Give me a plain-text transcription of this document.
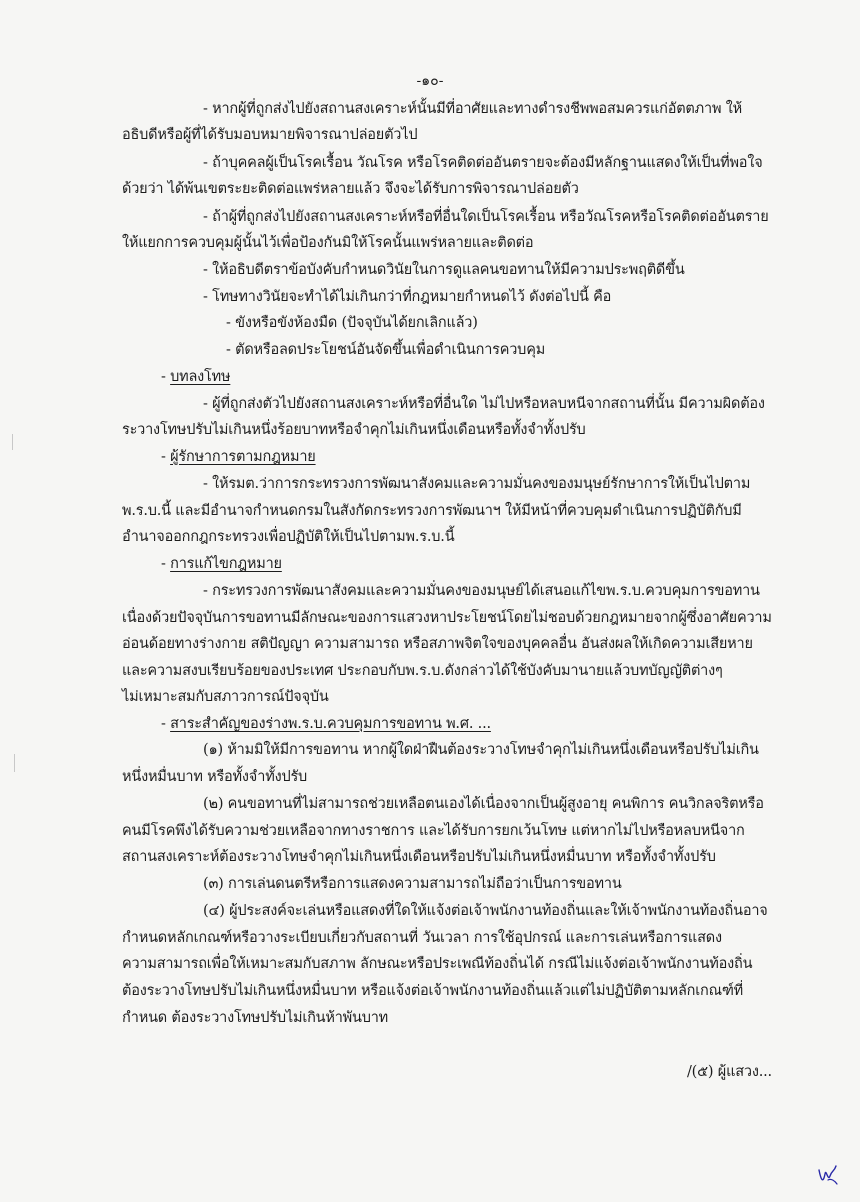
-๑๐-
- หากผู้ที่ถูกส่งไปยังสถานสงเคราะห์นั้นมีที่อาศัยและทางดำรงชีพพอสมควรแก่อัตตภาพ ให้
อธิบดีหรือผู้ที่ได้รับมอบหมายพิจารณาปล่อยตัวไป
- ถ้าบุคคลผู้เป็นโรคเรื้อน วัณโรค หรือโรคติดต่ออันตรายจะต้องมีหลักฐานแสดงให้เป็นที่พอใจ
ด้วยว่า ได้พ้นเขตระยะติดต่อแพร่หลายแล้ว จึงจะได้รับการพิจารณาปล่อยตัว
- ถ้าผู้ที่ถูกส่งไปยังสถานสงเคราะห์หรือที่อื่นใดเป็นโรคเรื้อน หรือวัณโรคหรือโรคติดต่ออันตราย
ให้แยกการควบคุมผู้นั้นไว้เพื่อป้องกันมิให้โรคนั้นแพร่หลายและติดต่อ
- ให้อธิบดีตราข้อบังคับกำหนดวินัยในการดูแลคนขอทานให้มีความประพฤติดีขึ้น
- โทษทางวินัยจะทำได้ไม่เกินกว่าที่กฎหมายกำหนดไว้ ดังต่อไปนี้ คือ
- ขังหรือขังห้องมืด (ปัจจุบันได้ยกเลิกแล้ว)
- ตัดหรือลดประโยชน์อันจัดขึ้นเพื่อดำเนินการควบคุม
- บทลงโทษ
- ผู้ที่ถูกส่งตัวไปยังสถานสงเคราะห์หรือที่อื่นใด ไม่ไปหรือหลบหนีจากสถานที่นั้น มีความผิดต้อง
ระวางโทษปรับไม่เกินหนึ่งร้อยบาทหรือจำคุกไม่เกินหนึ่งเดือนหรือทั้งจำทั้งปรับ
- ผู้รักษาการตามกฎหมาย
- ให้รมต.ว่าการกระทรวงการพัฒนาสังคมและความมั่นคงของมนุษย์รักษาการให้เป็นไปตาม
พ.ร.บ.นี้ และมีอำนาจกำหนดกรมในสังกัดกระทรวงการพัฒนาฯ ให้มีหน้าที่ควบคุมดำเนินการปฏิบัติกับมี
อำนาจออกกฎกระทรวงเพื่อปฏิบัติให้เป็นไปตามพ.ร.บ.นี้
- การแก้ไขกฎหมาย
- กระทรวงการพัฒนาสังคมและความมั่นคงของมนุษย์ได้เสนอแก้ไขพ.ร.บ.ควบคุมการขอทาน
เนื่องด้วยปัจจุบันการขอทานมีลักษณะของการแสวงหาประโยชน์โดยไม่ชอบด้วยกฎหมายจากผู้ซึ่งอาศัยความ
อ่อนด้อยทางร่างกาย สติปัญญา ความสามารถ หรือสภาพจิตใจของบุคคลอื่น อันส่งผลให้เกิดความเสียหาย
และความสงบเรียบร้อยของประเทศ ประกอบกับพ.ร.บ.ดังกล่าวได้ใช้บังคับมานายแล้วบทบัญญัติต่างๆ
ไม่เหมาะสมกับสภาวการณ์ปัจจุบัน
- สาระสำคัญของร่างพ.ร.บ.ควบคุมการขอทาน พ.ศ. ...
(๑) ห้ามมิให้มีการขอทาน หากผู้ใดฝ่าฝืนต้องระวางโทษจำคุกไม่เกินหนึ่งเดือนหรือปรับไม่เกิน
หนึ่งหมื่นบาท หรือทั้งจำทั้งปรับ
(๒) คนขอทานที่ไม่สามารถช่วยเหลือตนเองได้เนื่องจากเป็นผู้สูงอายุ คนพิการ คนวิกลจริตหรือ
คนมีโรคพึงได้รับความช่วยเหลือจากทางราชการ และได้รับการยกเว้นโทษ แต่หากไม่ไปหรือหลบหนีจาก
สถานสงเคราะห์ต้องระวางโทษจำคุกไม่เกินหนึ่งเดือนหรือปรับไม่เกินหนึ่งหมื่นบาท หรือทั้งจำทั้งปรับ
(๓) การเล่นดนตรีหรือการแสดงความสามารถไม่ถือว่าเป็นการขอทาน
(๔) ผู้ประสงค์จะเล่นหรือแสดงที่ใดให้แจ้งต่อเจ้าพนักงานท้องถิ่นและให้เจ้าพนักงานท้องถิ่นอาจ
กำหนดหลักเกณฑ์หรือวางระเบียบเกี่ยวกับสถานที่ วันเวลา การใช้อุปกรณ์ และการเล่นหรือการแสดง
ความสามารถเพื่อให้เหมาะสมกับสภาพ ลักษณะหรือประเพณีท้องถิ่นได้ กรณีไม่แจ้งต่อเจ้าพนักงานท้องถิ่น
ต้องระวางโทษปรับไม่เกินหนึ่งหมื่นบาท หรือแจ้งต่อเจ้าพนักงานท้องถิ่นแล้วแต่ไม่ปฏิบัติตามหลักเกณฑ์ที่
กำหนด ต้องระวางโทษปรับไม่เกินห้าพันบาท
/(๕) ผู้แสวง...
